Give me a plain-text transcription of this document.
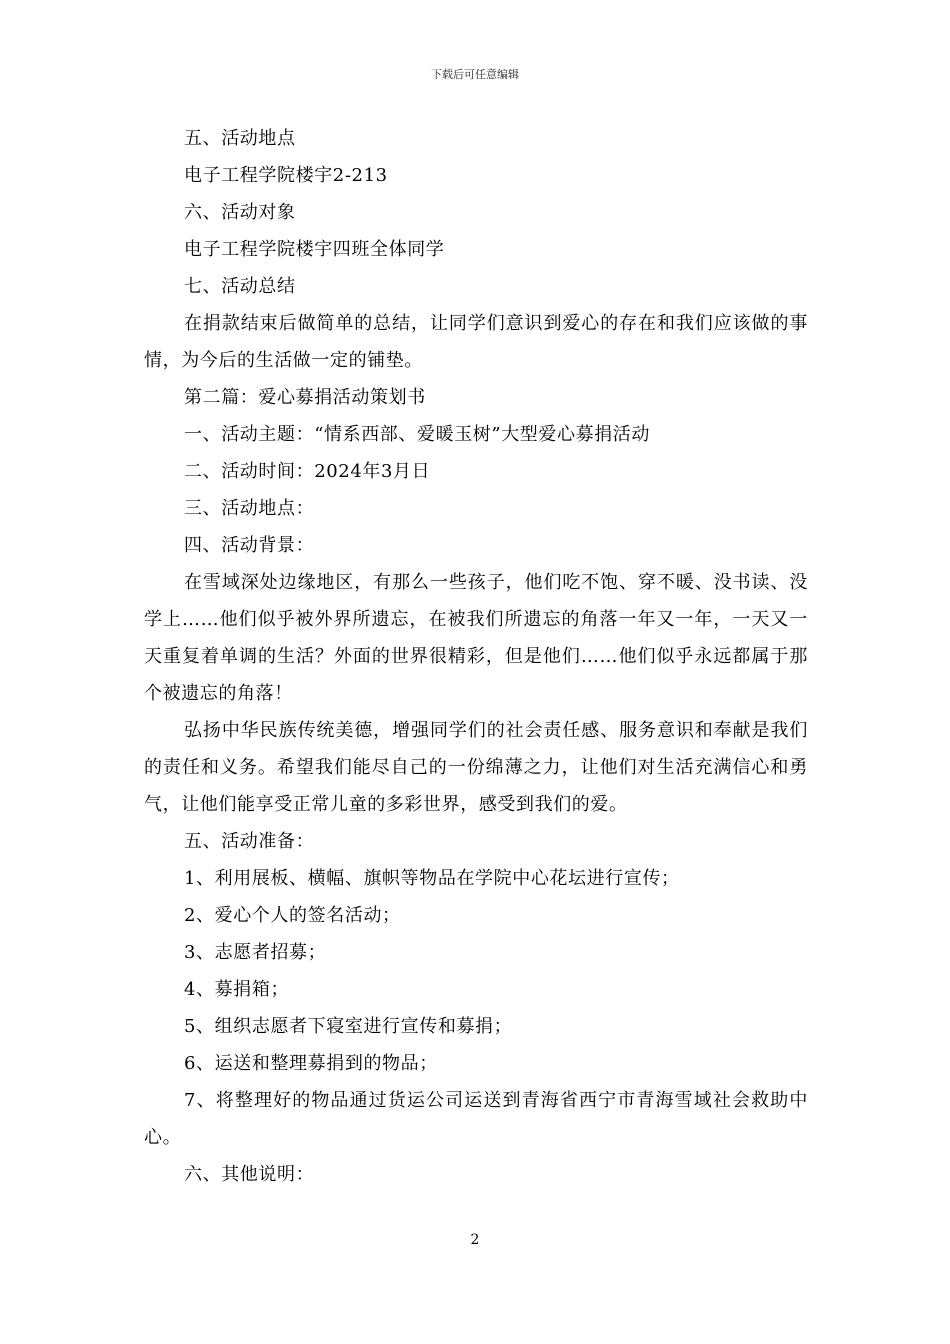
下载后可任意编辑

五、活动地点

电子工程学院楼宇2-213

六、活动对象

电子工程学院楼宇四班全体同学

七、活动总结

在捐款结束后做简单的总结，让同学们意识到爱心的存在和我们应该做的事情，为今后的生活做一定的铺垫。

第二篇：爱心募捐活动策划书

一、活动主题：“情系西部、爱暖玉树”大型爱心募捐活动

二、活动时间：2024年3月日

三、活动地点：

四、活动背景：

在雪域深处边缘地区，有那么一些孩子，他们吃不饱、穿不暖、没书读、没学上……他们似乎被外界所遗忘，在被我们所遗忘的角落一年又一年，一天又一天重复着单调的生活？外面的世界很精彩，但是他们……他们似乎永远都属于那个被遗忘的角落！

弘扬中华民族传统美德，增强同学们的社会责任感、服务意识和奉献是我们的责任和义务。希望我们能尽自己的一份绵薄之力，让他们对生活充满信心和勇气，让他们能享受正常儿童的多彩世界，感受到我们的爱。

五、活动准备：

1、利用展板、横幅、旗帜等物品在学院中心花坛进行宣传；

2、爱心个人的签名活动；

3、志愿者招募；

4、募捐箱；

5、组织志愿者下寝室进行宣传和募捐；

6、运送和整理募捐到的物品；

7、将整理好的物品通过货运公司运送到青海省西宁市青海雪域社会救助中心。

六、其他说明：

2
